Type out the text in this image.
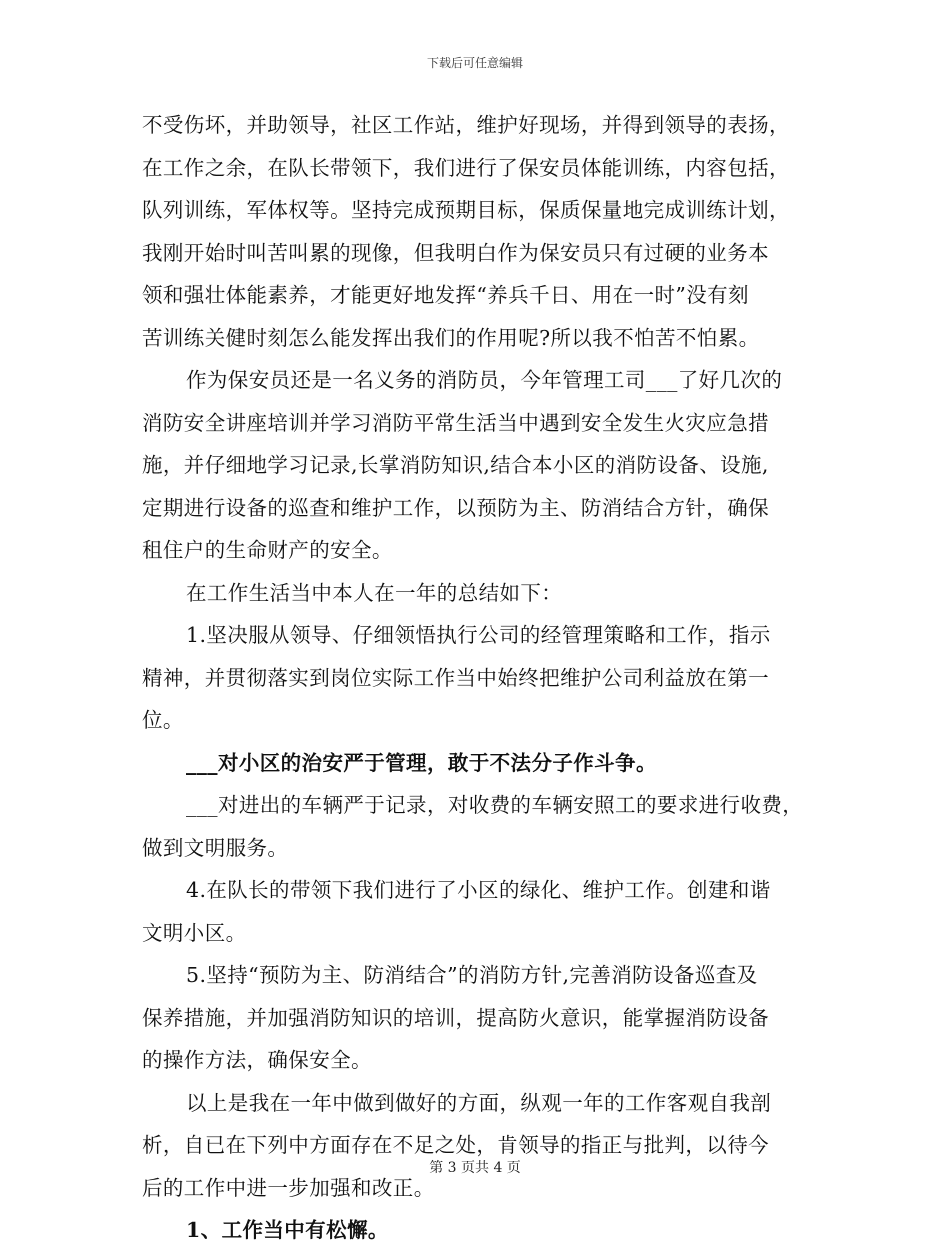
下载后可任意编辑
不受伤坏，并助领导，社区工作站，维护好现场，并得到领导的表扬，
在工作之余，在队长带领下，我们进行了保安员体能训练，内容包括，
队列训练，军体权等。坚持完成预期目标，保质保量地完成训练计划，
我刚开始时叫苦叫累的现像，但我明白作为保安员只有过硬的业务本
领和强壮体能素养，才能更好地发挥“养兵千日、用在一时”没有刻
苦训练关健时刻怎么能发挥出我们的作用呢?所以我不怕苦不怕累。
作为保安员还是一名义务的消防员，今年管理工司___了好几次的
消防安全讲座培训并学习消防平常生活当中遇到安全发生火灾应急措
施，并仔细地学习记录,长掌消防知识,结合本小区的消防设备、设施,
定期进行设备的巡查和维护工作，以预防为主、防消结合方针，确保
租住户的生命财产的安全。
在工作生活当中本人在一年的总结如下：
1.坚决服从领导、仔细领悟执行公司的经管理策略和工作，指示
精神，并贯彻落实到岗位实际工作当中始终把维护公司利益放在第一
位。
___对小区的治安严于管理，敢于不法分子作斗争。
___对进出的车辆严于记录，对收费的车辆安照工的要求进行收费，
做到文明服务。
4.在队长的带领下我们进行了小区的绿化、维护工作。创建和谐
文明小区。
5.坚持“预防为主、防消结合”的消防方针,完善消防设备巡查及
保养措施，并加强消防知识的培训，提高防火意识，能掌握消防设备
的操作方法，确保安全。
以上是我在一年中做到做好的方面，纵观一年的工作客观自我剖
析，自已在下列中方面存在不足之处，肯领导的指正与批判，以待今
后的工作中进一步加强和改正。
1、工作当中有松懈。
第 3 页共 4 页
